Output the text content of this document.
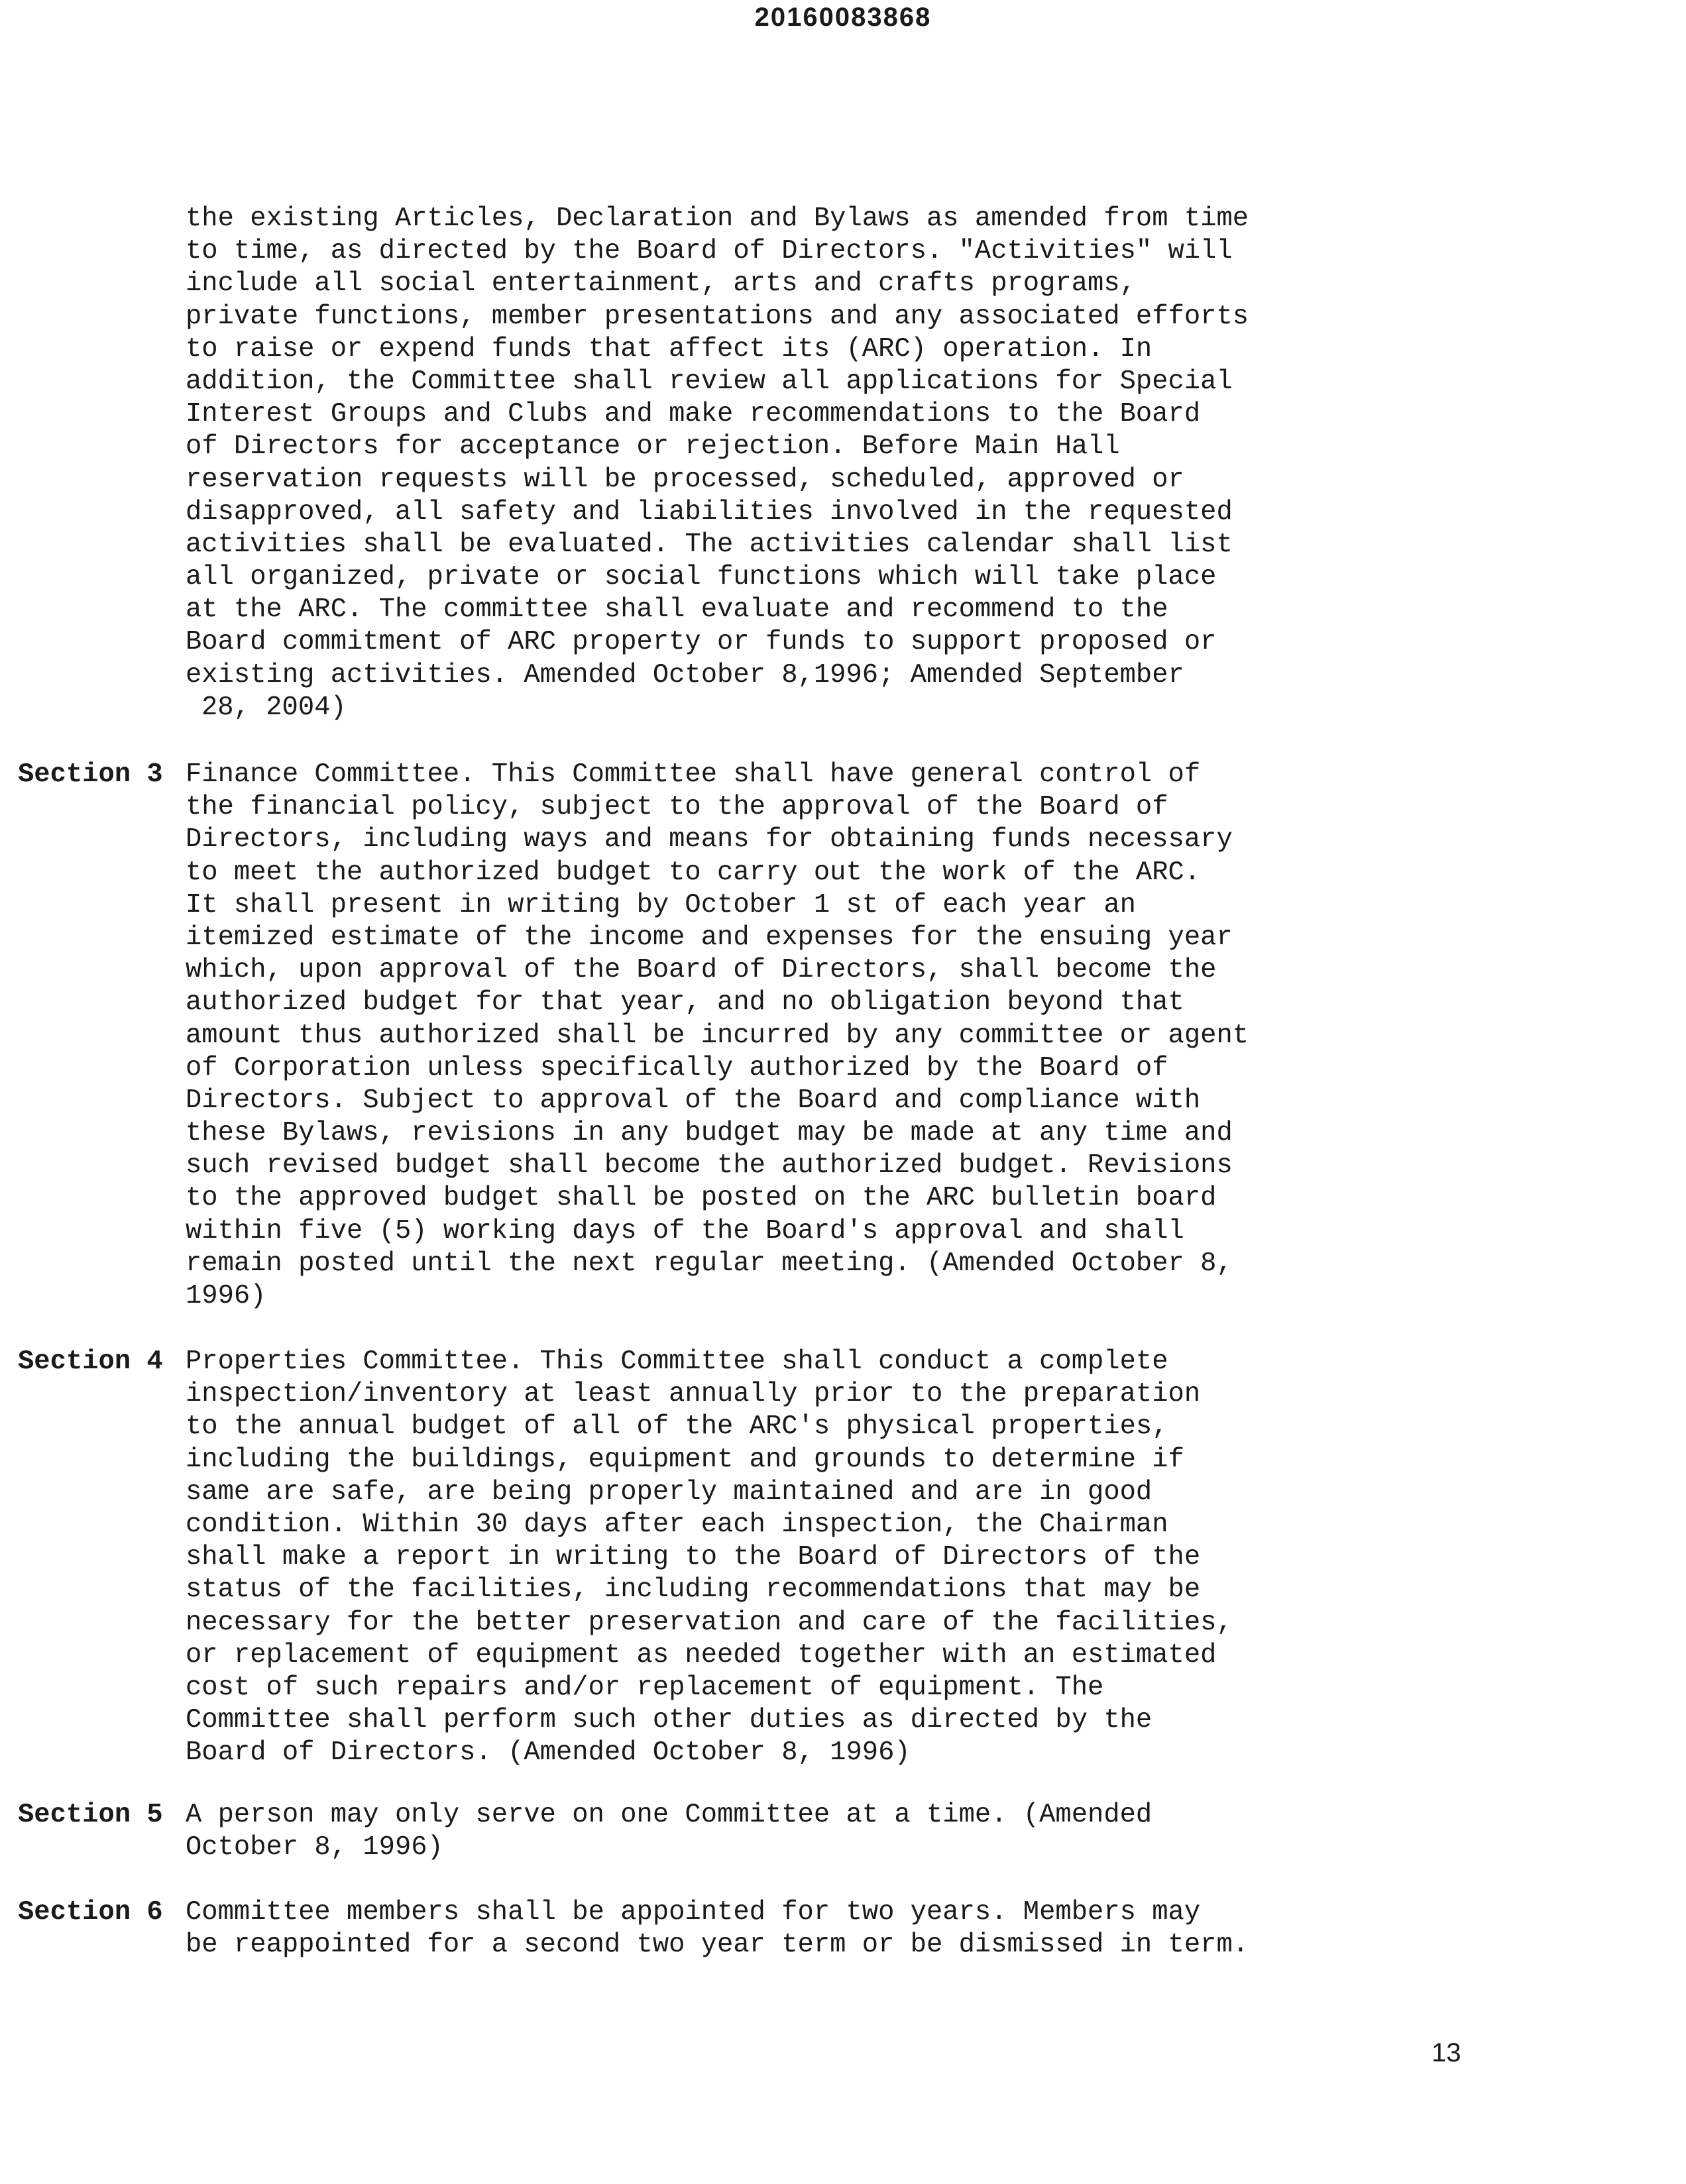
20160083868
the existing Articles, Declaration and Bylaws as amended from time
to time, as directed by the Board of Directors. "Activities" will
include all social entertainment, arts and crafts programs,
private functions, member presentations and any associated efforts
to raise or expend funds that affect its (ARC) operation. In
addition, the Committee shall review all applications for Special
Interest Groups and Clubs and make recommendations to the Board
of Directors for acceptance or rejection. Before Main Hall
reservation requests will be processed, scheduled, approved or
disapproved, all safety and liabilities involved in the requested
activities shall be evaluated. The activities calendar shall list
all organized, private or social functions which will take place
at the ARC. The committee shall evaluate and recommend to the
Board commitment of ARC property or funds to support proposed or
existing activities. Amended October 8,1996; Amended September
28, 2004)
Section 3 Finance Committee. This Committee shall have general control of
the financial policy, subject to the approval of the Board of
Directors, including ways and means for obtaining funds necessary
to meet the authorized budget to carry out the work of the ARC.
It shall present in writing by October 1 st of each year an
itemized estimate of the income and expenses for the ensuing year
which, upon approval of the Board of Directors, shall become the
authorized budget for that year, and no obligation beyond that
amount thus authorized shall be incurred by any committee or agent
of Corporation unless specifically authorized by the Board of
Directors. Subject to approval of the Board and compliance with
these Bylaws, revisions in any budget may be made at any time and
such revised budget shall become the authorized budget. Revisions
to the approved budget shall be posted on the ARC bulletin board
within five (5) working days of the Board's approval and shall
remain posted until the next regular meeting. (Amended October 8,
1996)
Section 4 Properties Committee. This Committee shall conduct a complete
inspection/inventory at least annually prior to the preparation
to the annual budget of all of the ARC's physical properties,
including the buildings, equipment and grounds to determine if
same are safe, are being properly maintained and are in good
condition. Within 30 days after each inspection, the Chairman
shall make a report in writing to the Board of Directors of the
status of the facilities, including recommendations that may be
necessary for the better preservation and care of the facilities,
or replacement of equipment as needed together with an estimated
cost of such repairs and/or replacement of equipment. The
Committee shall perform such other duties as directed by the
Board of Directors. (Amended October 8, 1996)
Section 5 A person may only serve on one Committee at a time. (Amended
October 8, 1996)
Section 6 Committee members shall be appointed for two years. Members may
be reappointed for a second two year term or be dismissed in term.
13
